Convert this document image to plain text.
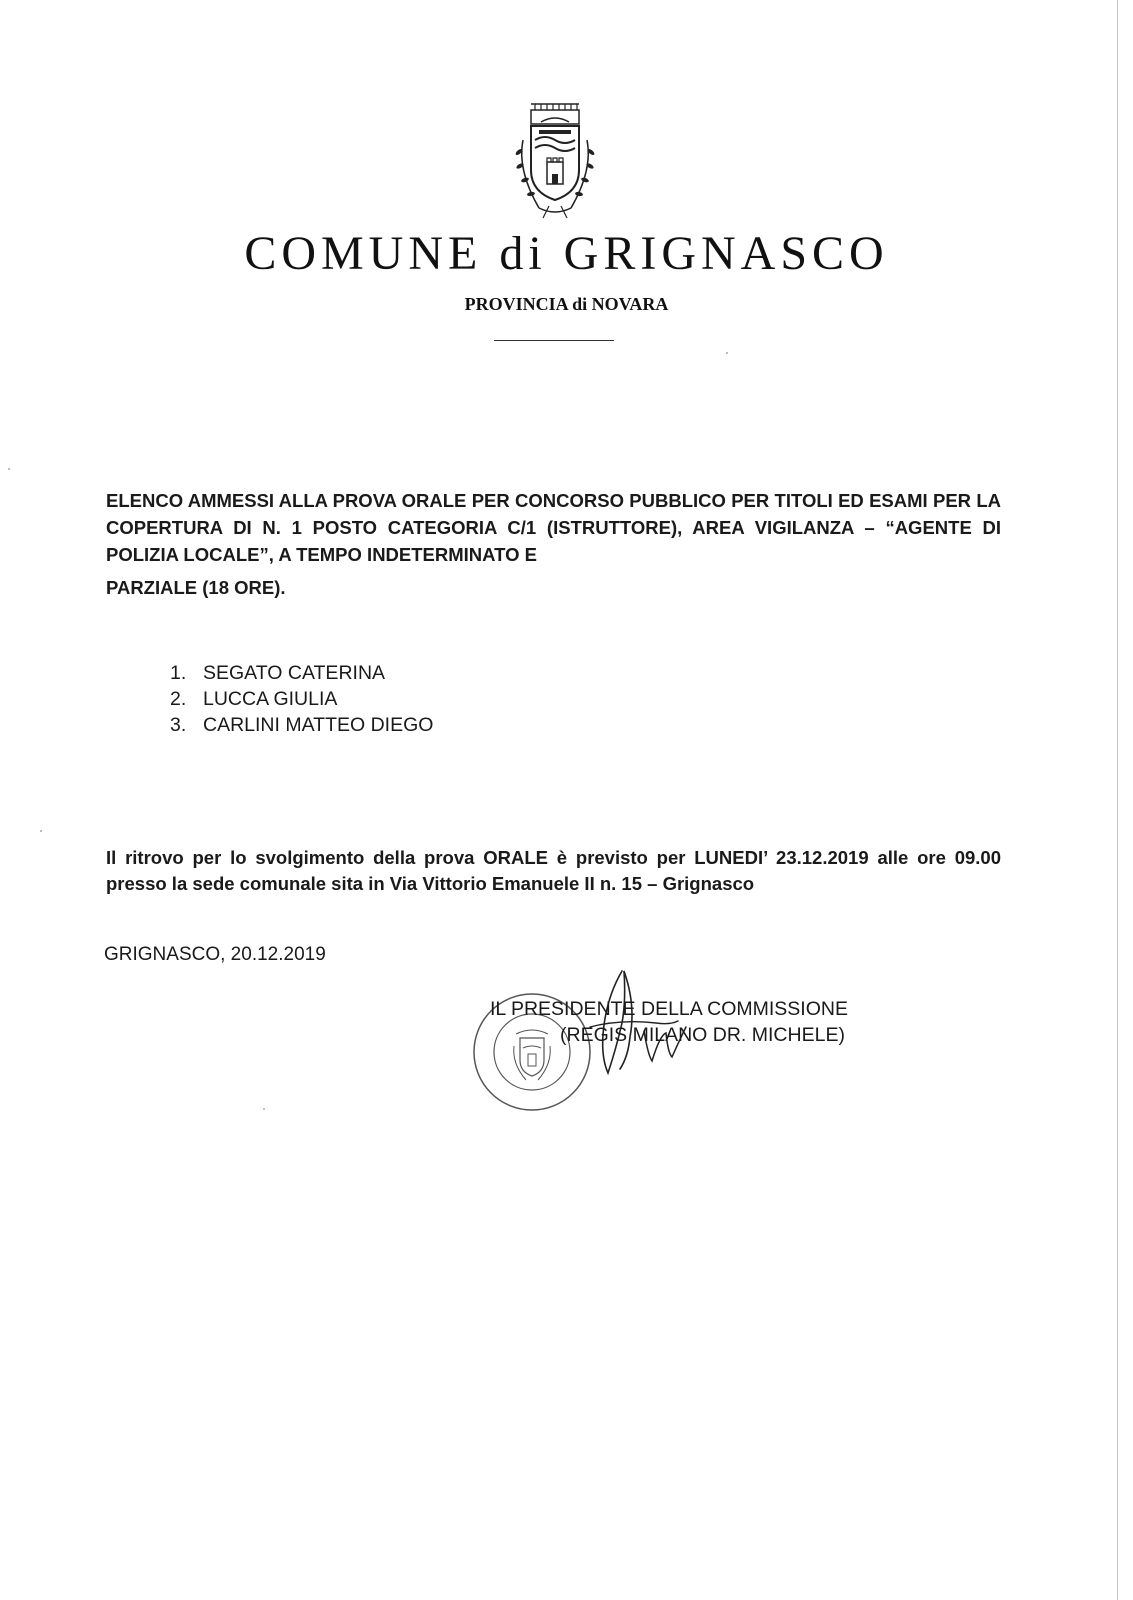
COMUNE di GRIGNASCO

PROVINCIA di NOVARA

ELENCO AMMESSI ALLA PROVA ORALE PER CONCORSO PUBBLICO PER TITOLI ED ESAMI PER LA COPERTURA DI N. 1 POSTO CATEGORIA C/1 (ISTRUTTORE), AREA VIGILANZA – “AGENTE DI POLIZIA LOCALE”, A TEMPO INDETERMINATO E
PARZIALE (18 ORE).

1. SEGATO CATERINA
2. LUCCA GIULIA
3. CARLINI MATTEO DIEGO

Il ritrovo per lo svolgimento della prova ORALE è previsto per LUNEDI’ 23.12.2019 alle ore 09.00 presso la sede comunale sita in Via Vittorio Emanuele II n. 15 – Grignasco

GRIGNASCO, 20.12.2019

IL PRESIDENTE DELLA COMMISSIONE
(REGIS MILANO DR. MICHELE)
